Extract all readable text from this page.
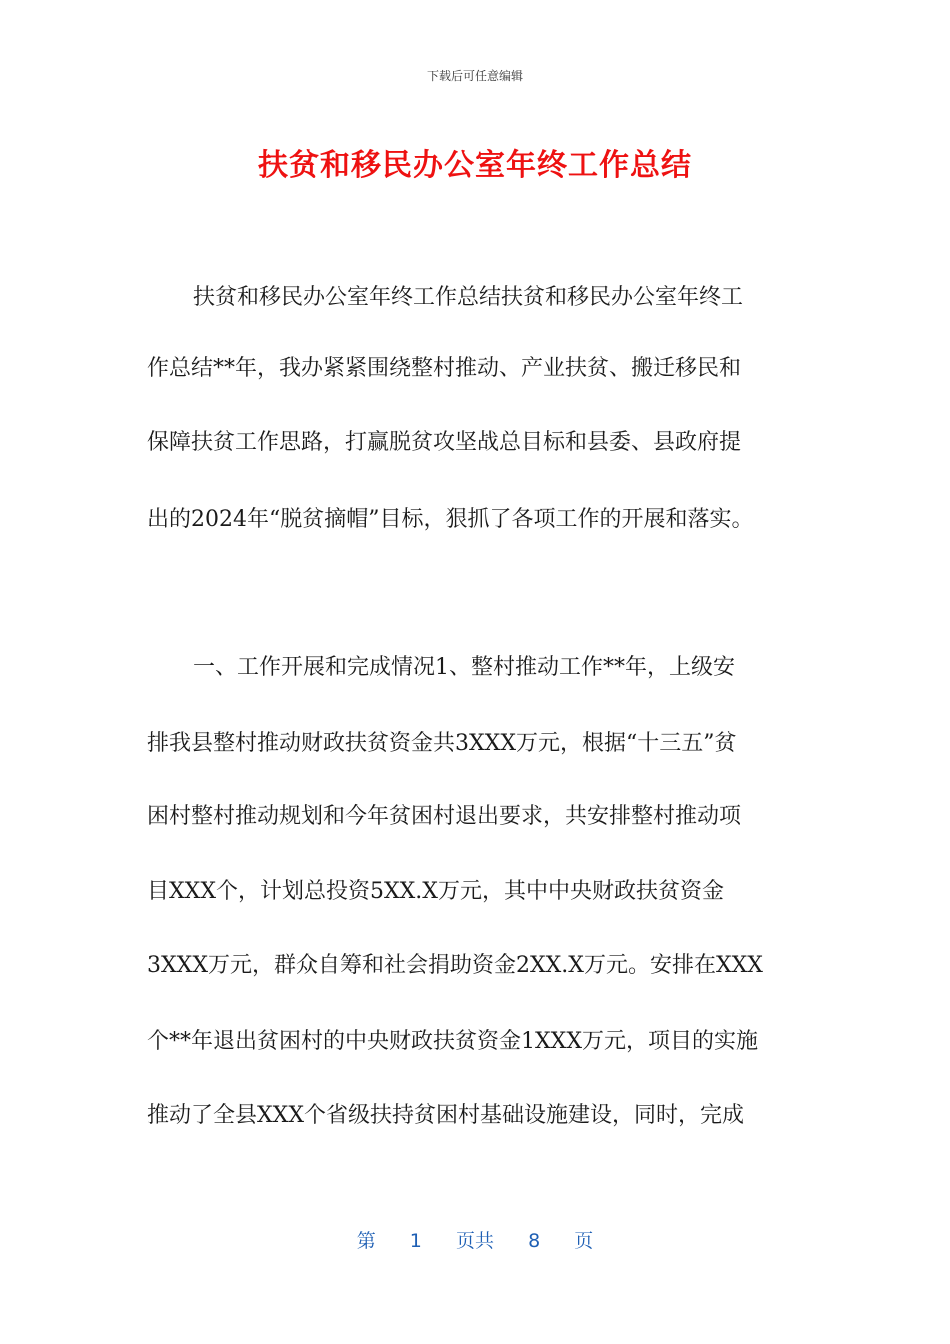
下载后可任意编辑
扶贫和移民办公室年终工作总结
扶贫和移民办公室年终工作总结扶贫和移民办公室年终工
作总结**年，我办紧紧围绕整村推动、产业扶贫、搬迁移民和
保障扶贫工作思路，打赢脱贫攻坚战总目标和县委、县政府提
出的2024年“脱贫摘帽”目标，狠抓了各项工作的开展和落实。
一、工作开展和完成情况1、整村推动工作**年，上级安
排我县整村推动财政扶贫资金共3XXX万元，根据“十三五”贫
困村整村推动规划和今年贫困村退出要求，共安排整村推动项
目XXX个，计划总投资5XX.X万元，其中中央财政扶贫资金
3XXX万元，群众自筹和社会捐助资金2XX.X万元。安排在XXX
个**年退出贫困村的中央财政扶贫资金1XXX万元，项目的实施
推动了全县XXX个省级扶持贫困村基础设施建设，同时，完成
第 1 页共 8 页
